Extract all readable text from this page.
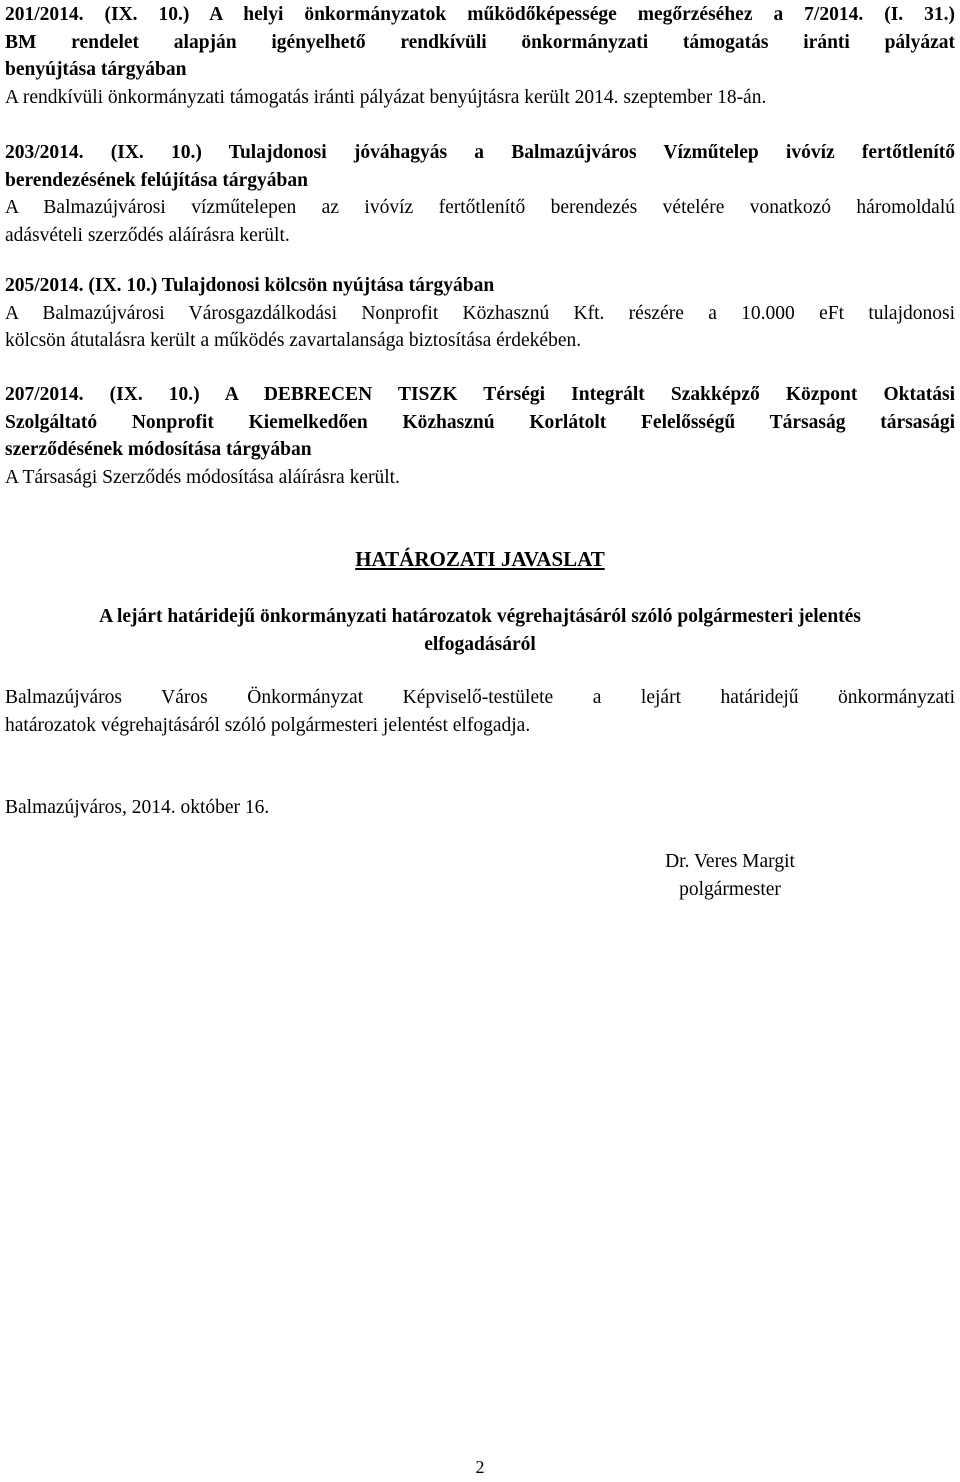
201/2014. (IX. 10.) A helyi önkormányzatok működőképessége megőrzéséhez a 7/2014. (I. 31.)
BM rendelet alapján igényelhető rendkívüli önkormányzati támogatás iránti pályázat
benyújtása tárgyában
A rendkívüli önkormányzati támogatás iránti pályázat benyújtásra került 2014. szeptember 18-án.
203/2014. (IX. 10.) Tulajdonosi jóváhagyás a Balmazújváros Vízműtelep ivóvíz fertőtlenítő
berendezésének felújítása tárgyában
A Balmazújvárosi vízműtelepen az ivóvíz fertőtlenítő berendezés vételére vonatkozó háromoldalú
adásvételi szerződés aláírásra került.
205/2014. (IX. 10.) Tulajdonosi kölcsön nyújtása tárgyában
A Balmazújvárosi Városgazdálkodási Nonprofit Közhasznú Kft. részére a 10.000 eFt tulajdonosi
kölcsön átutalásra került a működés zavartalansága biztosítása érdekében.
207/2014. (IX. 10.) A DEBRECEN TISZK Térségi Integrált Szakképző Központ Oktatási
Szolgáltató Nonprofit Kiemelkedően Közhasznú Korlátolt Felelősségű Társaság társasági
szerződésének módosítása tárgyában
A Társasági Szerződés módosítása aláírásra került.
HATÁROZATI JAVASLAT
A lejárt határidejű önkormányzati határozatok végrehajtásáról szóló polgármesteri jelentés
elfogadásáról
Balmazújváros Város Önkormányzat Képviselő-testülete a lejárt határidejű önkormányzati
határozatok végrehajtásáról szóló polgármesteri jelentést elfogadja.
Balmazújváros, 2014. október 16.
Dr. Veres Margit
polgármester
2
